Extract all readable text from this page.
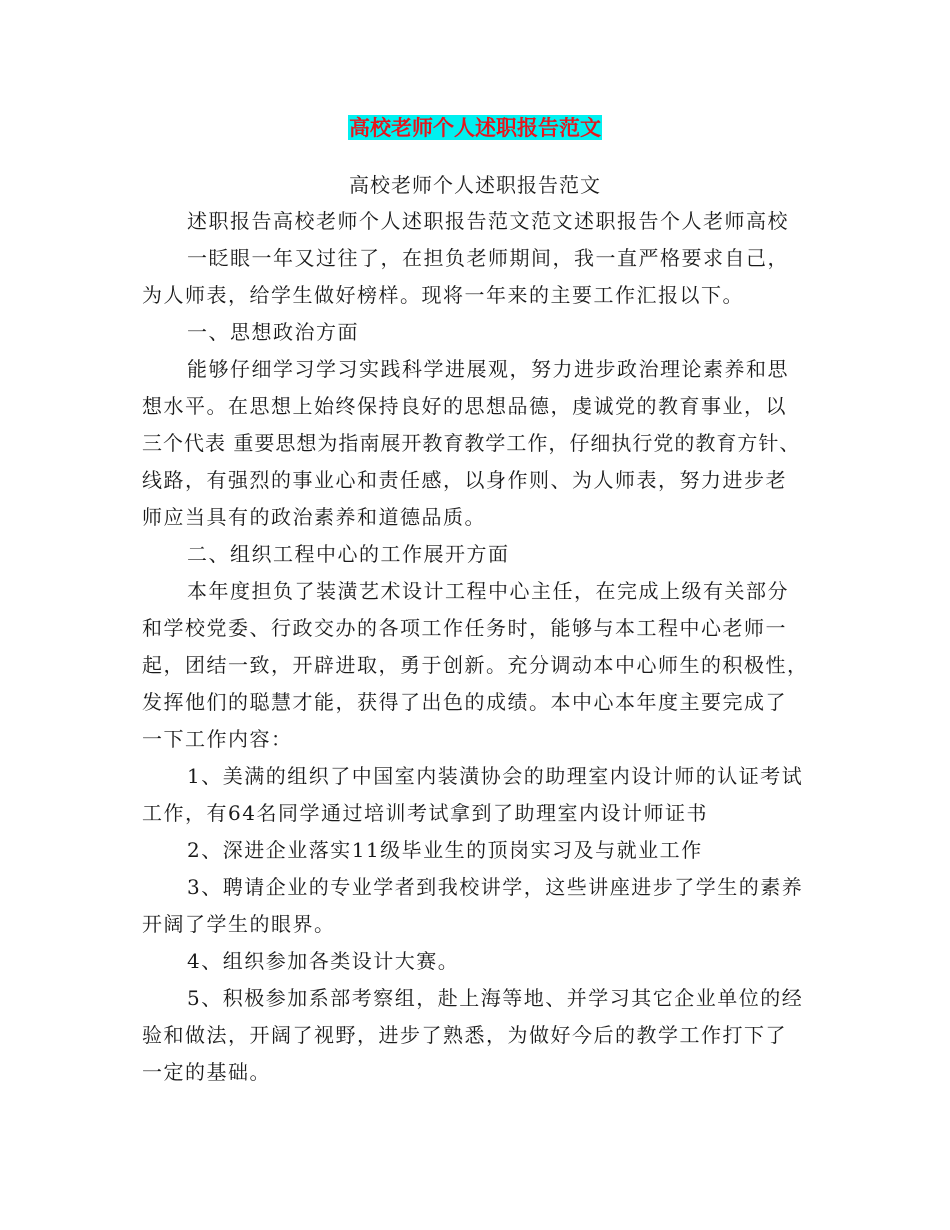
高校老师个人述职报告范文
高校老师个人述职报告范文
述职报告高校老师个人述职报告范文范文述职报告个人老师高校
一眨眼一年又过往了，在担负老师期间，我一直严格要求自己，
为人师表，给学生做好榜样。现将一年来的主要工作汇报以下。
一、思想政治方面
能够仔细学习学习实践科学进展观，努力进步政治理论素养和思
想水平。在思想上始终保持良好的思想品德，虔诚党的教育事业，以
三个代表 重要思想为指南展开教育教学工作，仔细执行党的教育方针、
线路，有强烈的事业心和责任感，以身作则、为人师表，努力进步老
师应当具有的政治素养和道德品质。
二、组织工程中心的工作展开方面
本年度担负了装潢艺术设计工程中心主任，在完成上级有关部分
和学校党委、行政交办的各项工作任务时，能够与本工程中心老师一
起，团结一致，开辟进取，勇于创新。充分调动本中心师生的积极性，
发挥他们的聪慧才能，获得了出色的成绩。本中心本年度主要完成了
一下工作内容：
1、美满的组织了中国室内装潢协会的助理室内设计师的认证考试
工作，有64名同学通过培训考试拿到了助理室内设计师证书
2、深进企业落实11级毕业生的顶岗实习及与就业工作
3、聘请企业的专业学者到我校讲学，这些讲座进步了学生的素养
开阔了学生的眼界。
4、组织参加各类设计大赛。
5、积极参加系部考察组，赴上海等地、并学习其它企业单位的经
验和做法，开阔了视野，进步了熟悉，为做好今后的教学工作打下了
一定的基础。
